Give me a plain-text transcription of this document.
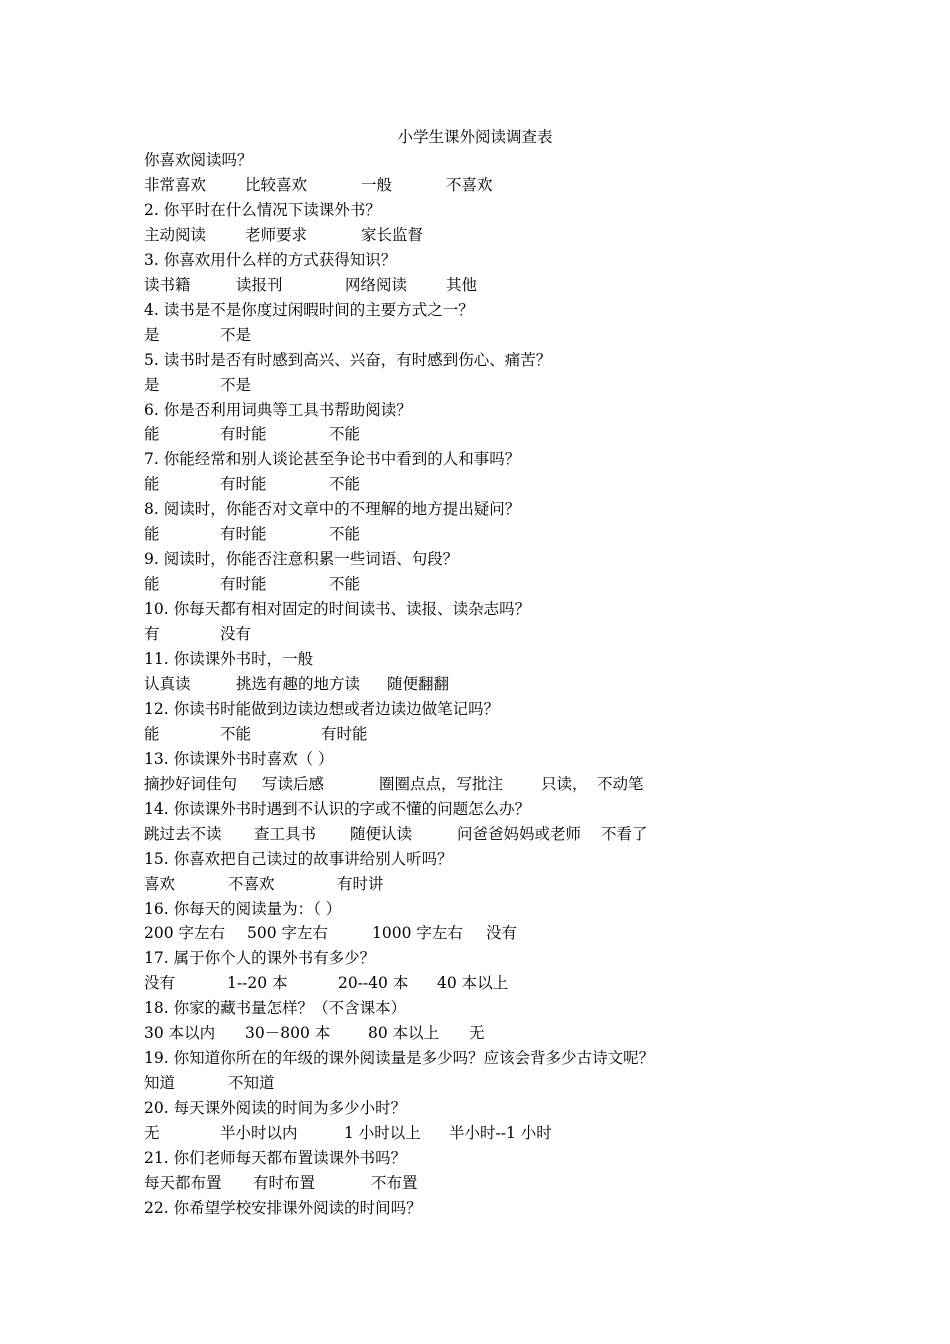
小学生课外阅读调查表
你喜欢阅读吗？
非常喜欢	比较喜欢	一般	不喜欢
2. 你平时在什么情况下读课外书？
主动阅读	老师要求	家长监督
3. 你喜欢用什么样的方式获得知识？
读书籍	读报刊	网络阅读	其他
4. 读书是不是你度过闲暇时间的主要方式之一？
是	不是
5. 读书时是否有时感到高兴、兴奋，有时感到伤心、痛苦？
是	不是
6. 你是否利用词典等工具书帮助阅读？
能	有时能	不能
7. 你能经常和别人谈论甚至争论书中看到的人和事吗？
能	有时能	不能
8. 阅读时，你能否对文章中的不理解的地方提出疑问？
能	有时能	不能
9. 阅读时，你能否注意积累一些词语、句段？
能	有时能	不能
10. 你每天都有相对固定的时间读书、读报、读杂志吗？
有	没有
11. 你读课外书时，一般
认真读	挑选有趣的地方读 随便翻翻
12. 你读书时能做到边读边想或者边读边做笔记吗？
能	不能	有时能
13. 你读课外书时喜欢（ ）
摘抄好词佳句 写读后感	圈圈点点，写批注 只读， 不动笔
14. 你读课外书时遇到不认识的字或不懂的问题怎么办？
跳过去不读 查工具书 随便认读	问爸爸妈妈或老师 不看了
15. 你喜欢把自己读过的故事讲给别人听吗？
喜欢	不喜欢	有时讲
16. 你每天的阅读量为：（ ）
200 字左右 500 字左右	1000 字左右 没有
17. 属于你个人的课外书有多少？
没有	1--20 本	20--40 本 40 本以上
18. 你家的藏书量怎样？（不含课本）
30 本以内 30－800 本 80 本以上 无
19. 你知道你所在的年级的课外阅读量是多少吗？应该会背多少古诗文呢？
知道	不知道
20. 每天课外阅读的时间为多少小时？
无	半小时以内	1 小时以上 半小时--1 小时
21. 你们老师每天都布置读课外书吗？
每天都布置 有时布置	不布置
22. 你希望学校安排课外阅读的时间吗？
